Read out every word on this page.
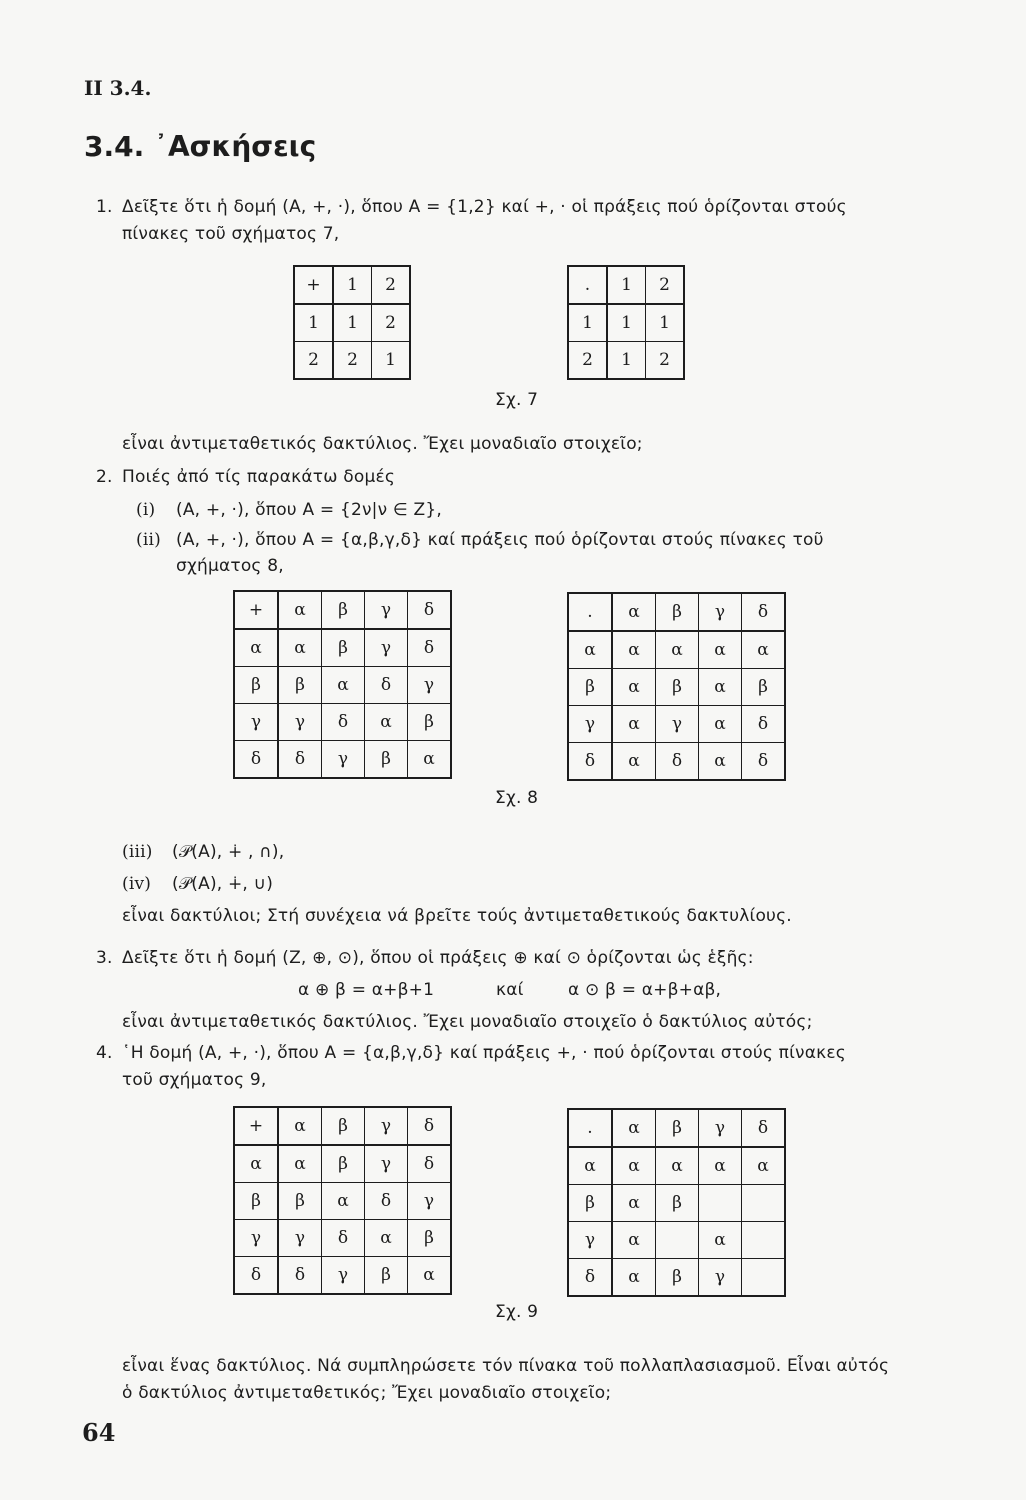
II 3.4.
3.4. ᾿Ασκήσεις
1. Δεῖξτε ὅτι ἡ δομή (A, +, ·), ὅπου A = {1,2} καί +, · οἱ πράξεις πού ὁρίζονται στούς
πίνακες τοῦ σχήματος 7,
+	1	2
1	1	2
2	2	1
.	1	2
1	1	1
2	1	2
Σχ. 7
εἶναι ἀντιμεταθετικός δακτύλιος. Ἔχει μοναδιαῖο στοιχεῖο;
2. Ποιές ἀπό τίς παρακάτω δομές
(i) (A, +, ·), ὅπου A = {2ν|ν ∈ Z},
(ii) (A, +, ·), ὅπου A = {α,β,γ,δ} καί πράξεις πού ὁρίζονται στούς πίνακες τοῦ
σχήματος 8,
+	α	β	γ	δ
α	α	β	γ	δ
β	β	α	δ	γ
γ	γ	δ	α	β
δ	δ	γ	β	α
.	α	β	γ	δ
α	α	α	α	α
β	α	β	α	β
γ	α	γ	α	δ
δ	α	δ	α	δ
Σχ. 8
(iii) (𝒫(A), ∔ , ∩),
(iv) (𝒫(A), ∔, ∪)
εἶναι δακτύλιοι; Στή συνέχεια νά βρεῖτε τούς ἀντιμεταθετικούς δακτυλίους.
3. Δεῖξτε ὅτι ἡ δομή (Z, ⊕, ⊙), ὅπου οἱ πράξεις ⊕ καί ⊙ ὁρίζονται ὡς ἑξῆς:
α ⊕ β = α+β+1	καί	α ⊙ β = α+β+αβ,
εἶναι ἀντιμεταθετικός δακτύλιος. Ἔχει μοναδιαῖο στοιχεῖο ὁ δακτύλιος αὐτός;
4. ῾Η δομή (A, +, ·), ὅπου A = {α,β,γ,δ} καί πράξεις +, · πού ὁρίζονται στούς πίνακες
τοῦ σχήματος 9,
+	α	β	γ	δ
α	α	β	γ	δ
β	β	α	δ	γ
γ	γ	δ	α	β
δ	δ	γ	β	α
.	α	β	γ	δ
α	α	α	α	α
β	α	β		
γ	α		α	
δ	α	β	γ	
Σχ. 9
εἶναι ἕνας δακτύλιος. Νά συμπληρώσετε τόν πίνακα τοῦ πολλαπλασιασμοῦ. Εἶναι αὐτός
ὁ δακτύλιος ἀντιμεταθετικός; Ἔχει μοναδιαῖο στοιχεῖο;
64
